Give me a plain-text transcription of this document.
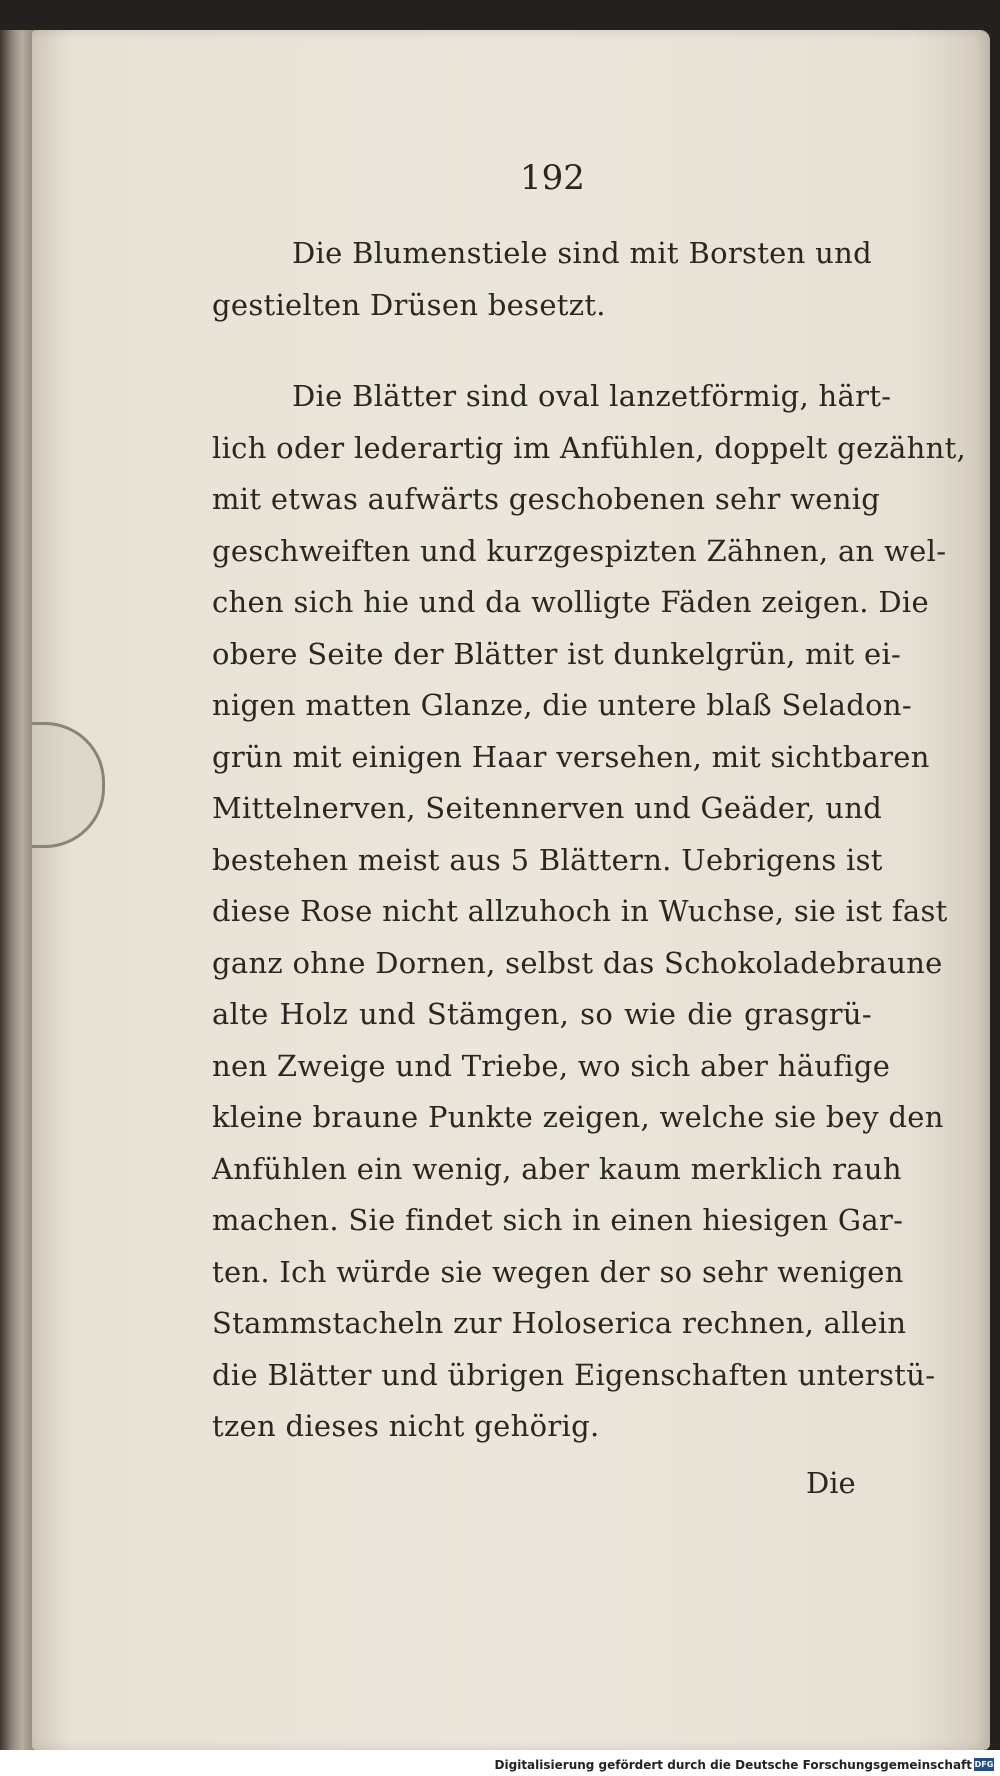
192
Die Blumenstiele sind mit Borsten und
gestielten Drüsen besetzt.
Die Blätter sind oval lanzetförmig, härt-
lich oder lederartig im Anfühlen, doppelt gezähnt,
mit etwas aufwärts geschobenen sehr wenig
geschweiften und kurzgespizten Zähnen, an wel-
chen sich hie und da wolligte Fäden zeigen. Die
obere Seite der Blätter ist dunkelgrün, mit ei-
nigen matten Glanze, die untere blaß Seladon-
grün mit einigen Haar versehen, mit sichtbaren
Mittelnerven, Seitennerven und Geäder, und
bestehen meist aus 5 Blättern. Uebrigens ist
diese Rose nicht allzuhoch in Wuchse, sie ist fast
ganz ohne Dornen, selbst das Schokoladebraune
alte Holz und Stämgen, so wie die grasgrü-
nen Zweige und Triebe, wo sich aber häufige
kleine braune Punkte zeigen, welche sie bey den
Anfühlen ein wenig, aber kaum merklich rauh
machen. Sie findet sich in einen hiesigen Gar-
ten. Ich würde sie wegen der so sehr wenigen
Stammstacheln zur Holoserica rechnen, allein
die Blätter und übrigen Eigenschaften unterstü-
tzen dieses nicht gehörig.
Die
Digitalisierung gefördert durch die Deutsche Forschungsgemeinschaft DFG
